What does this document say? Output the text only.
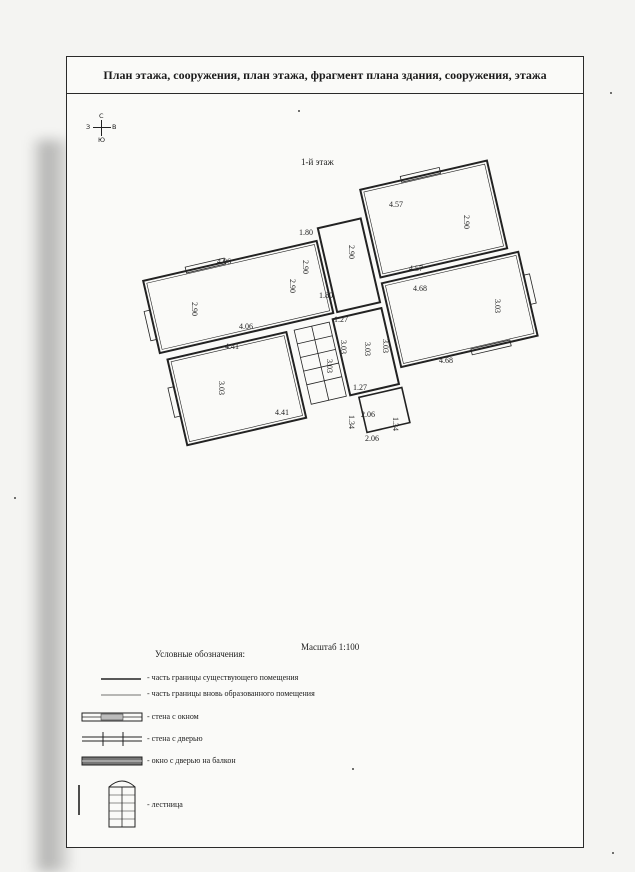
План этажа, сооружения, план этажа, фрагмент плана здания, сооружения, этажа
С
Ю
З	В
1-й этаж
4.06
4.06
2.90
2.90
4.41
4.41
3.03
1.80
2.90
1.80
4.57
4.57
2.90
2.90
4.68
4.68
3.03
3.03
1.27
3.03 3.03
1.27
2.06
2.06
1.34	1.34
3.03
Масштаб 1:100
Условные обозначения:
- часть границы существующего помещения
- часть границы вновь образованного помещения
- стена с окном
- стена с дверью
- окно с дверью на балкон
- лестница
